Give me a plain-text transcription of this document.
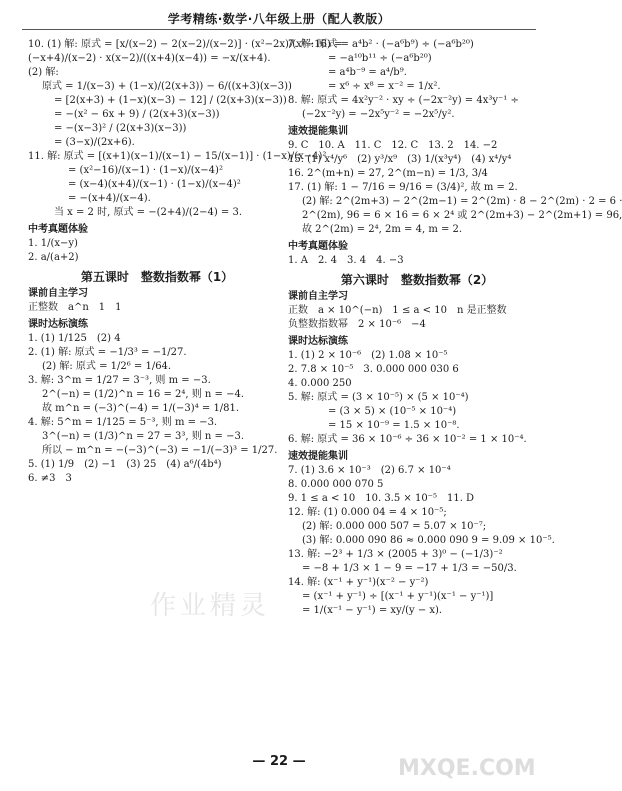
学考精练·数学·八年级上册（配人教版）
10. (1) 解: 原式 = [x/(x−2) − 2(x−2)/(x−2)] · (x²−2x)/(x²−16) =
(−x+4)/(x−2) · x(x−2)/((x+4)(x−4)) = −x/(x+4).
(2) 解:
原式 = 1/(x−3) + (1−x)/(2(x+3)) − 6/((x+3)(x−3))
= [2(x+3) + (1−x)(x−3) − 12] / (2(x+3)(x−3))
= −(x² − 6x + 9) / (2(x+3)(x−3))
= −(x−3)² / (2(x+3)(x−3))
= (3−x)/(2x+6).
11. 解: 原式 = [(x+1)(x−1)/(x−1) − 15/(x−1)] · (1−x)/(x−4)²
= (x²−16)/(x−1) · (1−x)/(x−4)²
= (x−4)(x+4)/(x−1) · (1−x)/(x−4)²
= −(x+4)/(x−4).
当 x = 2 时, 原式 = −(2+4)/(2−4) = 3.
中考真题体验
1. 1/(x−y)
2. a/(a+2)
第五课时　整数指数幂（1）
课前自主学习
正整数　a^n　1　1
课时达标演练
1. (1) 1/125　(2) 4
2. (1) 解: 原式 = −1/3³ = −1/27.
(2) 解: 原式 = 1/2⁶ = 1/64.
3. 解: 3^m = 1/27 = 3⁻³, 则 m = −3.
2^(−n) = (1/2)^n = 16 = 2⁴, 则 n = −4.
故 m^n = (−3)^(−4) = 1/(−3)⁴ = 1/81.
4. 解: 5^m = 1/125 = 5⁻³, 则 m = −3.
3^(−n) = (1/3)^n = 27 = 3³, 则 n = −3.
所以 − m^n = −(−3)^(−3) = −1/(−3)³ = 1/27.
5. (1) 1/9　(2) −1　(3) 25　(4) a⁶/(4b⁴)
6. ≠3　3
7. 解: 原式 = a⁴b² · (−a⁶b⁹) ÷ (−a⁶b²⁰)
= −a¹⁰b¹¹ ÷ (−a⁶b²⁰)
= a⁴b⁻⁹ = a⁴/b⁹.
= x⁶ ÷ x⁸ = x⁻² = 1/x².
8. 解: 原式 = 4x²y⁻² · xy ÷ (−2x⁻²y) = 4x³y⁻¹ ÷
(−2x⁻²y) = −2x⁵y⁻² = −2x⁵/y².
速效提能集训
9. C　10. A　11. C　12. C　13. 2　14. −2
15. (1) x⁴/y⁶　(2) y³/x⁹　(3) 1/(x³y⁴)　(4) x⁴/y⁴
16. 2^(m+n) = 27, 2^(m−n) = 1/3, 3/4
17. (1) 解: 1 − 7/16 = 9/16 = (3/4)², 故 m = 2.
(2) 解: 2^(2m+3) − 2^(2m−1) = 2^(2m) · 8 − 2^(2m) · 2 = 6 ·
2^(2m), 96 = 6 × 16 = 6 × 2⁴ 或 2^(2m+3) − 2^(2m+1) = 96,
故 2^(2m) = 2⁴, 2m = 4, m = 2.
中考真题体验
1. A　2. 4　3. 4　4. −3
第六课时　整数指数幂（2）
课前自主学习
正数　a × 10^(−n)　1 ≤ a < 10　n 是正整数
负整数指数幂　2 × 10⁻⁶　−4
课时达标演练
1. (1) 2 × 10⁻⁶　(2) 1.08 × 10⁻⁵
2. 7.8 × 10⁻⁵　3. 0.000 000 030 6
4. 0.000 250
5. 解: 原式 = (3 × 10⁻⁵) × (5 × 10⁻⁴)
= (3 × 5) × (10⁻⁵ × 10⁻⁴)
= 15 × 10⁻⁹ = 1.5 × 10⁻⁸.
6. 解: 原式 = 36 × 10⁻⁶ ÷ 36 × 10⁻² = 1 × 10⁻⁴.
速效提能集训
7. (1) 3.6 × 10⁻³　(2) 6.7 × 10⁻⁴
8. 0.000 000 070 5
9. 1 ≤ a < 10　10. 3.5 × 10⁻⁵　11. D
12. 解: (1) 0.000 04 = 4 × 10⁻⁵;
(2) 解: 0.000 000 507 = 5.07 × 10⁻⁷;
(3) 解: 0.000 090 86 ≈ 0.000 090 9 = 9.09 × 10⁻⁵.
13. 解: −2³ + 1/3 × (2005 + 3)⁰ − (−1/3)⁻²
= −8 + 1/3 × 1 − 9 = −17 + 1/3 = −50/3.
14. 解: (x⁻¹ + y⁻¹)(x⁻² − y⁻²)
= (x⁻¹ + y⁻¹) ÷ [(x⁻¹ + y⁻¹)(x⁻¹ − y⁻¹)]
= 1/(x⁻¹ − y⁻¹) = xy/(y − x).
作业精灵
MXQE.COM
— 22 —
